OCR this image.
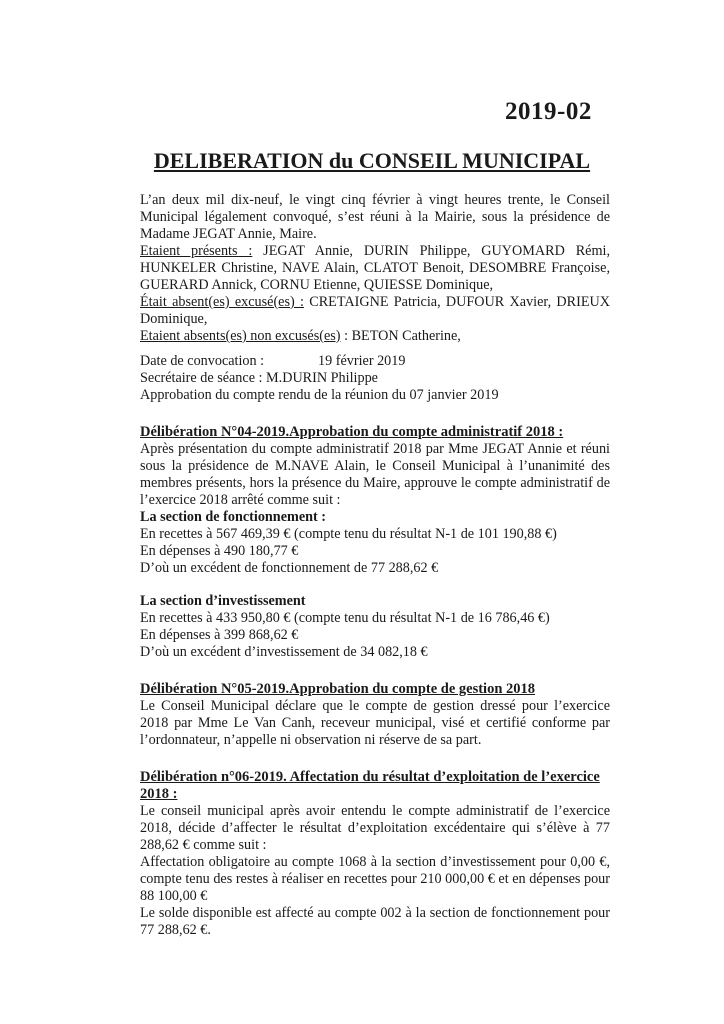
2019-02
DELIBERATION du CONSEIL MUNICIPAL

L’an deux mil dix-neuf, le vingt cinq février à vingt heures trente, le Conseil Municipal légalement convoqué, s’est réuni à la Mairie, sous la présidence de Madame JEGAT Annie, Maire.

Etaient présents : JEGAT Annie, DURIN Philippe, GUYOMARD Rémi, HUNKELER Christine, NAVE Alain, CLATOT Benoit, DESOMBRE Françoise, GUERARD Annick, CORNU Etienne, QUIESSE Dominique,

Était absent(es) excusé(es) : CRETAIGNE Patricia, DUFOUR Xavier, DRIEUX Dominique,

Etaient absents(es) non excusés(es) : BETON Catherine,

Date de convocation :	19 février 2019

Secrétaire de séance : M.DURIN Philippe

Approbation du compte rendu de la réunion du 07 janvier 2019

Délibération N°04-2019.Approbation du compte administratif 2018 :

Après présentation du compte administratif 2018 par Mme JEGAT Annie et réuni sous la présidence de M.NAVE Alain, le Conseil Municipal à l’unanimité des membres présents, hors la présence du Maire, approuve le compte administratif de l’exercice 2018 arrêté comme suit :

La section de fonctionnement :

En recettes à 567 469,39 € (compte tenu du résultat N-1 de 101 190,88 €)

En dépenses à 490 180,77 €

D’où un excédent de fonctionnement de 77 288,62 €

La section d’investissement

En recettes à 433 950,80 € (compte tenu du résultat N-1 de 16 786,46 €)

En dépenses à 399 868,62 €

D’où un excédent d’investissement de 34 082,18 €

Délibération N°05-2019.Approbation du compte de gestion 2018

Le Conseil Municipal déclare que le compte de gestion dressé pour l’exercice 2018 par Mme Le Van Canh, receveur municipal, visé et certifié conforme par l’ordonnateur, n’appelle ni observation ni réserve de sa part.

Délibération n°06-2019. Affectation du résultat d’exploitation de l’exercice 2018 :

Le conseil municipal après avoir entendu le compte administratif de l’exercice 2018, décide d’affecter le résultat d’exploitation excédentaire qui s’élève à 77 288,62 € comme suit :

Affectation obligatoire au compte 1068 à la section d’investissement pour 0,00 €, compte tenu des restes à réaliser en recettes pour 210 000,00 € et en dépenses pour 88 100,00 €

Le solde disponible est affecté au compte 002 à la section de fonctionnement pour 77 288,62 €.
